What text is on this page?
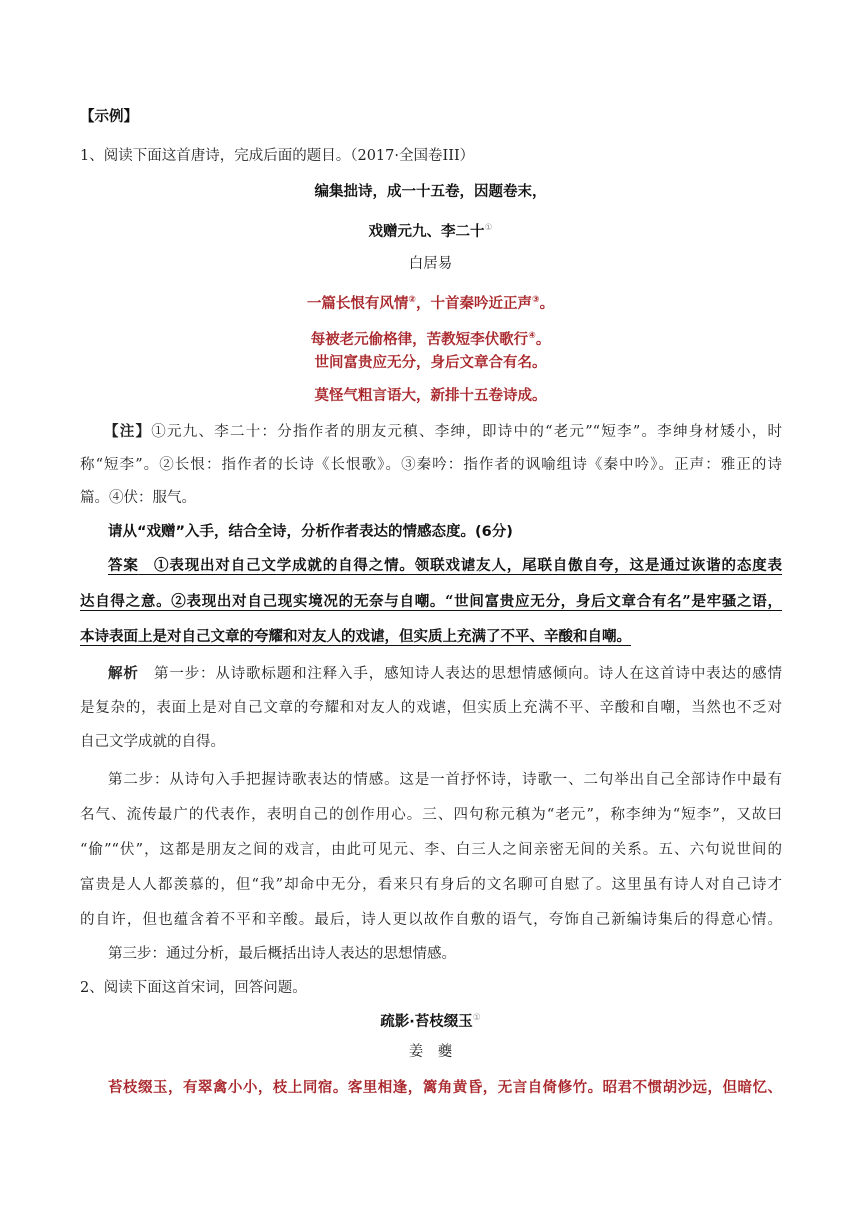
【示例】
1、阅读下面这首唐诗，完成后面的题目。（2017·全国卷III）
编集拙诗，成一十五卷，因题卷末，
戏赠元九、李二十①
白居易
一篇长恨有风情②，十首秦吟近正声③。
每被老元偷格律，苦教短李伏歌行④。
世间富贵应无分，身后文章合有名。
莫怪气粗言语大，新排十五卷诗成。
【注】①元九、李二十：分指作者的朋友元稹、李绅，即诗中的“老元”“短李”。李绅身材矮小，时
称“短李”。②长恨：指作者的长诗《长恨歌》。③秦吟：指作者的讽喻组诗《秦中吟》。正声：雅正的诗
篇。④伏：服气。
请从“戏赠”入手，结合全诗，分析作者表达的情感态度。(6分)
答案　 ①表现出对自己文学成就的自得之情。领联戏谑友人，尾联自傲自夸，这是通过诙谐的态度表
达自得之意。②表现出对自己现实境况的无奈与自嘲。“世间富贵应无分，身后文章合有名”是牢骚之语，
本诗表面上是对自己文章的夸耀和对友人的戏谑，但实质上充满了不平、辛酸和自嘲。
解析　 第一步：从诗歌标题和注释入手，感知诗人表达的思想情感倾向。诗人在这首诗中表达的感情
是复杂的，表面上是对自己文章的夸耀和对友人的戏谑，但实质上充满不平、辛酸和自嘲，当然也不乏对
自己文学成就的自得。
第二步：从诗句入手把握诗歌表达的情感。这是一首抒怀诗，诗歌一、二句举出自己全部诗作中最有
名气、流传最广的代表作，表明自己的创作用心。三、四句称元稹为“老元”，称李绅为“短李”，又故曰
“偷”“伏”，这都是朋友之间的戏言，由此可见元、李、白三人之间亲密无间的关系。五、六句说世间的
富贵是人人都羡慕的，但“我”却命中无分，看来只有身后的文名聊可自慰了。这里虽有诗人对自己诗才
的自许，但也蕴含着不平和辛酸。最后，诗人更以故作自敷的语气，夸饰自己新编诗集后的得意心情。
第三步：通过分析，最后概括出诗人表达的思想情感。
2、阅读下面这首宋词，回答问题。
疏影·苔枝缀玉①
姜　夔
苔枝缀玉，有翠禽小小，枝上同宿。客里相逢，篱角黄昏，无言自倚修竹。昭君不惯胡沙远，但暗忆、
